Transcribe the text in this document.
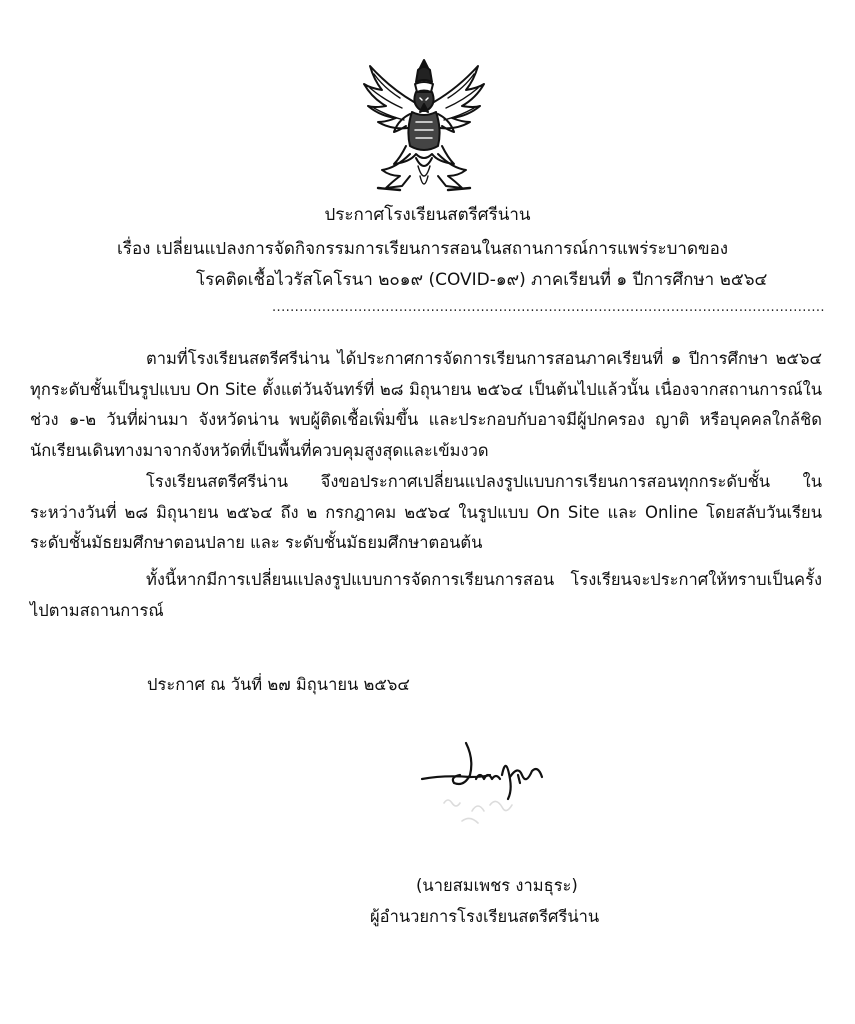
ประกาศโรงเรียนสตรีศรีน่าน
เรื่อง เปลี่ยนแปลงการจัดกิจกรรมการเรียนการสอนในสถานการณ์การแพร่ระบาดของ
โรคติดเชื้อไวรัสโคโรนา ๒๐๑๙ (COVID-๑๙) ภาคเรียนที่ ๑ ปีการศึกษา ๒๕๖๔
..........................................................................................................................
ตามที่โรงเรียนสตรีศรีน่าน ได้ประกาศการจัดการเรียนการสอนภาคเรียนที่ ๑ ปีการศึกษา ๒๕๖๔ ทุกระดับชั้นเป็นรูปแบบ On Site ตั้งแต่วันจันทร์ที่ ๒๘ มิถุนายน ๒๕๖๔ เป็นต้นไปแล้วนั้น เนื่องจากสถานการณ์ในช่วง ๑-๒ วันที่ผ่านมา จังหวัดน่าน พบผู้ติดเชื้อเพิ่มขึ้น และประกอบกับอาจมีผู้ปกครอง ญาติ หรือบุคคลใกล้ชิดนักเรียนเดินทางมาจากจังหวัดที่เป็นพื้นที่ควบคุมสูงสุดและเข้มงวด
โรงเรียนสตรีศรีน่าน จึงขอประกาศเปลี่ยนแปลงรูปแบบการเรียนการสอนทุกกระดับชั้น ในระหว่างวันที่ ๒๘ มิถุนายน ๒๕๖๔ ถึง ๒ กรกฎาคม ๒๕๖๔ ในรูปแบบ On Site และ Online โดยสลับวันเรียนระดับชั้นมัธยมศึกษาตอนปลาย และ ระดับชั้นมัธยมศึกษาตอนต้น
ทั้งนี้หากมีการเปลี่ยนแปลงรูปแบบการจัดการเรียนการสอน โรงเรียนจะประกาศให้ทราบเป็นครั้งไปตามสถานการณ์
ประกาศ ณ วันที่ ๒๗ มิถุนายน ๒๕๖๔
(นายสมเพชร งามธุระ)
ผู้อำนวยการโรงเรียนสตรีศรีน่าน
